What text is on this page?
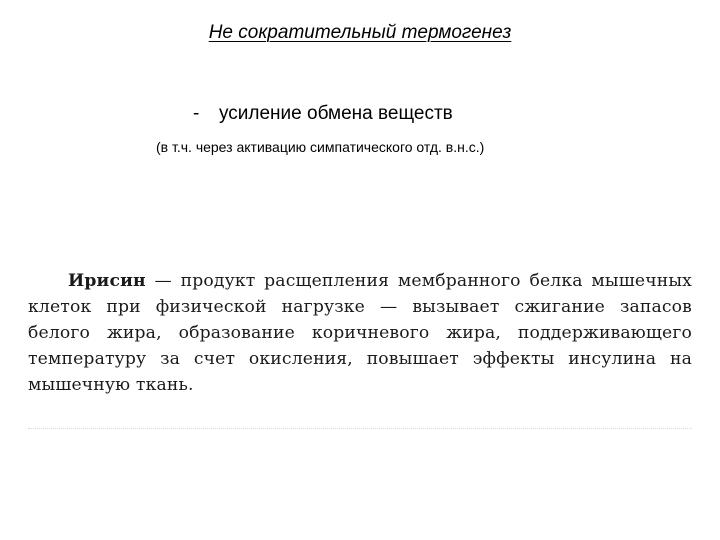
Не сократительный термогенез
- усиление обмена веществ
(в т.ч. через активацию симпатического отд. в.н.с.)

Ирисин — продукт расщепления мембранного белка мышечных клеток при физической нагрузке — вызывает сжигание запасов белого жира, образование коричневого жира, поддерживающего температуру за счет окисления, повышает эффекты инсулина на мышечную ткань.
